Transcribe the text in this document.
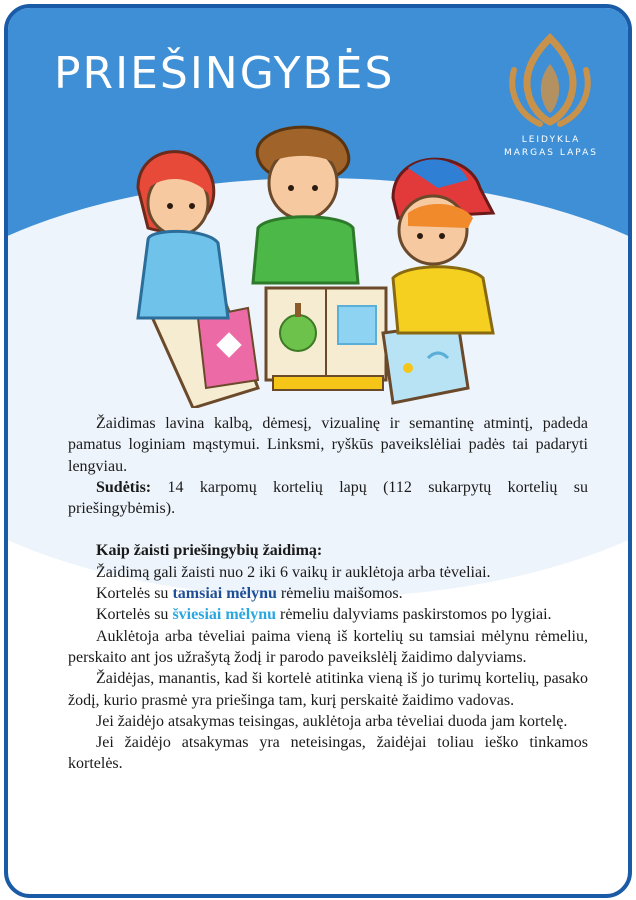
PRIEŠINGYBĖS
LEIDYKLA
MARGAS LAPAS

Žaidimas lavina kalbą, dėmesį, vizualinę ir semantinę atmintį, padeda pamatus loginiam mąstymui. Linksmi, ryškūs paveikslėliai padės tai padaryti lengviau.

Sudėtis: 14 karpomų kortelių lapų (112 sukarpytų kortelių su priešingybėmis).

Kaip žaisti priešingybių žaidimą:

Žaidimą gali žaisti nuo 2 iki 6 vaikų ir auklėtoja arba tėveliai.

Kortelės su tamsiai mėlynu rėmeliu maišomos.

Kortelės su šviesiai mėlynu rėmeliu dalyviams paskirstomos po lygiai.

Auklėtoja arba tėveliai paima vieną iš kortelių su tamsiai mėlynu rėmeliu, perskaito ant jos užrašytą žodį ir parodo paveikslėlį žaidimo dalyviams.

Žaidėjas, manantis, kad ši kortelė atitinka vieną iš jo turimų kortelių, pasako žodį, kurio prasmė yra priešinga tam, kurį perskaitė žaidimo vadovas.

Jei žaidėjo atsakymas teisingas, auklėtoja arba tėveliai duoda jam kortelę.

Jei žaidėjo atsakymas yra neteisingas, žaidėjai toliau ieško tinkamos kortelės.
